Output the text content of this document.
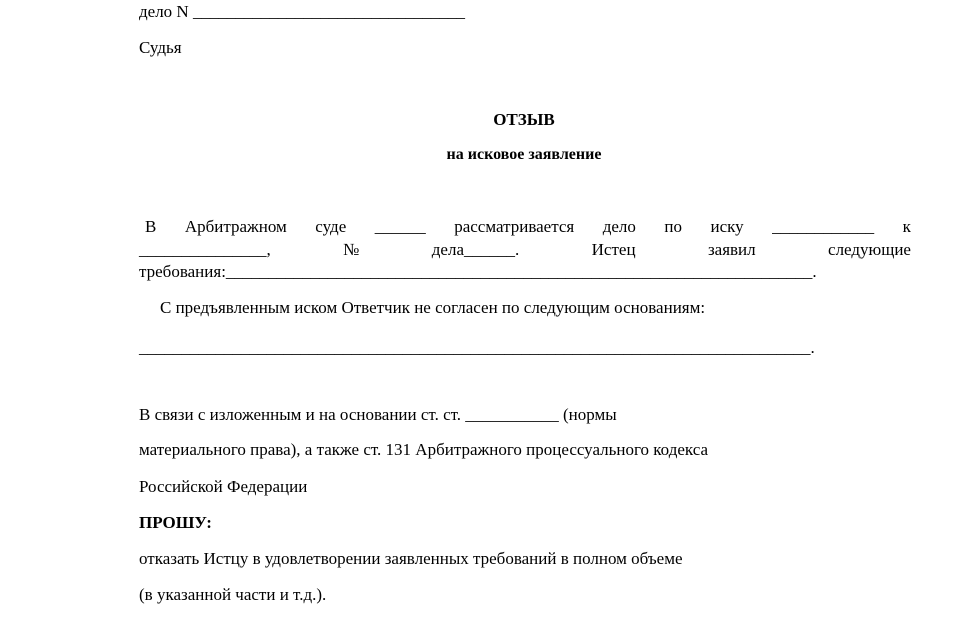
дело N ________________________________
Судья
ОТЗЫВ
на исковое заявление
В Арбитражном суде ______ рассматривается дело по иску ____________ к
_______________,	№	дела______.	Истец	заявил	следующие
требования:_____________________________________________________________________.
С предъявленным иском Ответчик не согласен по следующим основаниям:
_______________________________________________________________________________.
В связи с изложенным и на основании ст. ст. ___________ (нормы
материального права), а также ст. 131 Арбитражного процессуального кодекса
Российской Федерации
ПРОШУ:
отказать Истцу в удовлетворении заявленных требований в полном объеме
(в указанной части и т.д.).
